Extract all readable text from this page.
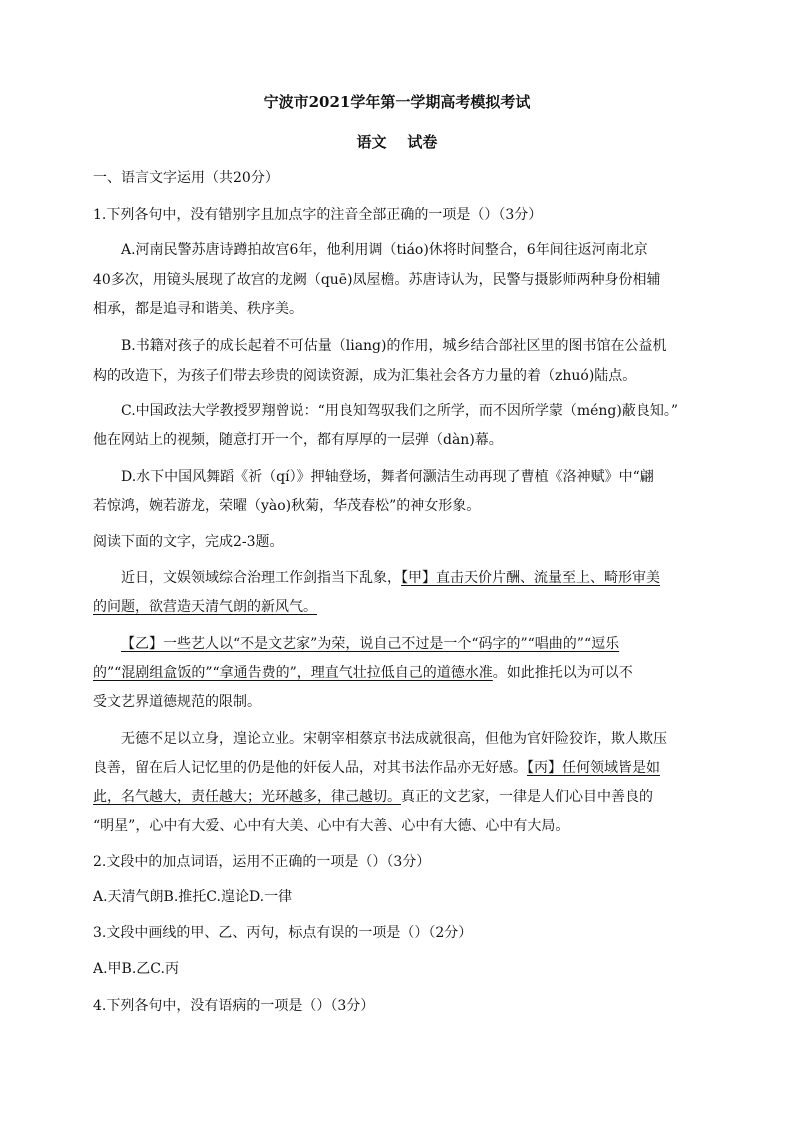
宁波市2021学年第一学期高考模拟考试
语文    试卷
一、语言文字运用（共20分）
1.下列各句中，没有错别字且加点字的注音全部正确的一项是（）（3分）
A.河南民警苏唐诗蹲拍故宫6年，他利用调（tiáo)休将时间整合，6年间往返河南北京
40多次，用镜头展现了故宫的龙阙（quē)凤屋檐。苏唐诗认为，民警与摄影师两种身份相辅
相承，都是追寻和谐美、秩序美。
B.书籍对孩子的成长起着不可估量（liang)的作用，城乡结合部社区里的图书馆在公益机
构的改造下，为孩子们带去珍贵的阅读资源，成为汇集社会各方力量的着（zhuó)陆点。
C.中国政法大学教授罗翔曾说：“用良知驾驭我们之所学，而不因所学蒙（méng)蔽良知。”
他在网站上的视频，随意打开一个，都有厚厚的一层弹（dàn)幕。
D.水下中国风舞蹈《祈（qí）》押轴登场，舞者何灏洁生动再现了曹植《洛神赋》中“翩
若惊鸿，婉若游龙，荣曜（yào)秋菊，华茂春松”的神女形象。
阅读下面的文字，完成2-3题。
近日，文娱领域综合治理工作剑指当下乱象，【甲】直击天价片酬、流量至上、畸形审美
的问题，欲营造天清气朗的新风气。
【乙】一些艺人以“不是文艺家”为荣，说自己不过是一个“码字的”“唱曲的”“逗乐
的”“混剧组盒饭的”“拿通告费的”，理直气壮拉低自己的道德水准。如此推托以为可以不
受文艺界道德规范的限制。
无德不足以立身，遑论立业。宋朝宰相蔡京书法成就很高，但他为官奸险狡诈，欺人欺压
良善，留在后人记忆里的仍是他的奸佞人品，对其书法作品亦无好感。【丙】任何领域皆是如
此，名气越大，责任越大；光环越多，律己越切。真正的文艺家，一律是人们心目中善良的
“明星”，心中有大爱、心中有大美、心中有大善、心中有大德、心中有大局。
2.文段中的加点词语，运用不正确的一项是（）（3分）
A.天清气朗B.推托C.遑论D.一律
3.文段中画线的甲、乙、丙句，标点有误的一项是（）（2分）
A.甲B.乙C.丙
4.下列各句中，没有语病的一项是（）（3分）
